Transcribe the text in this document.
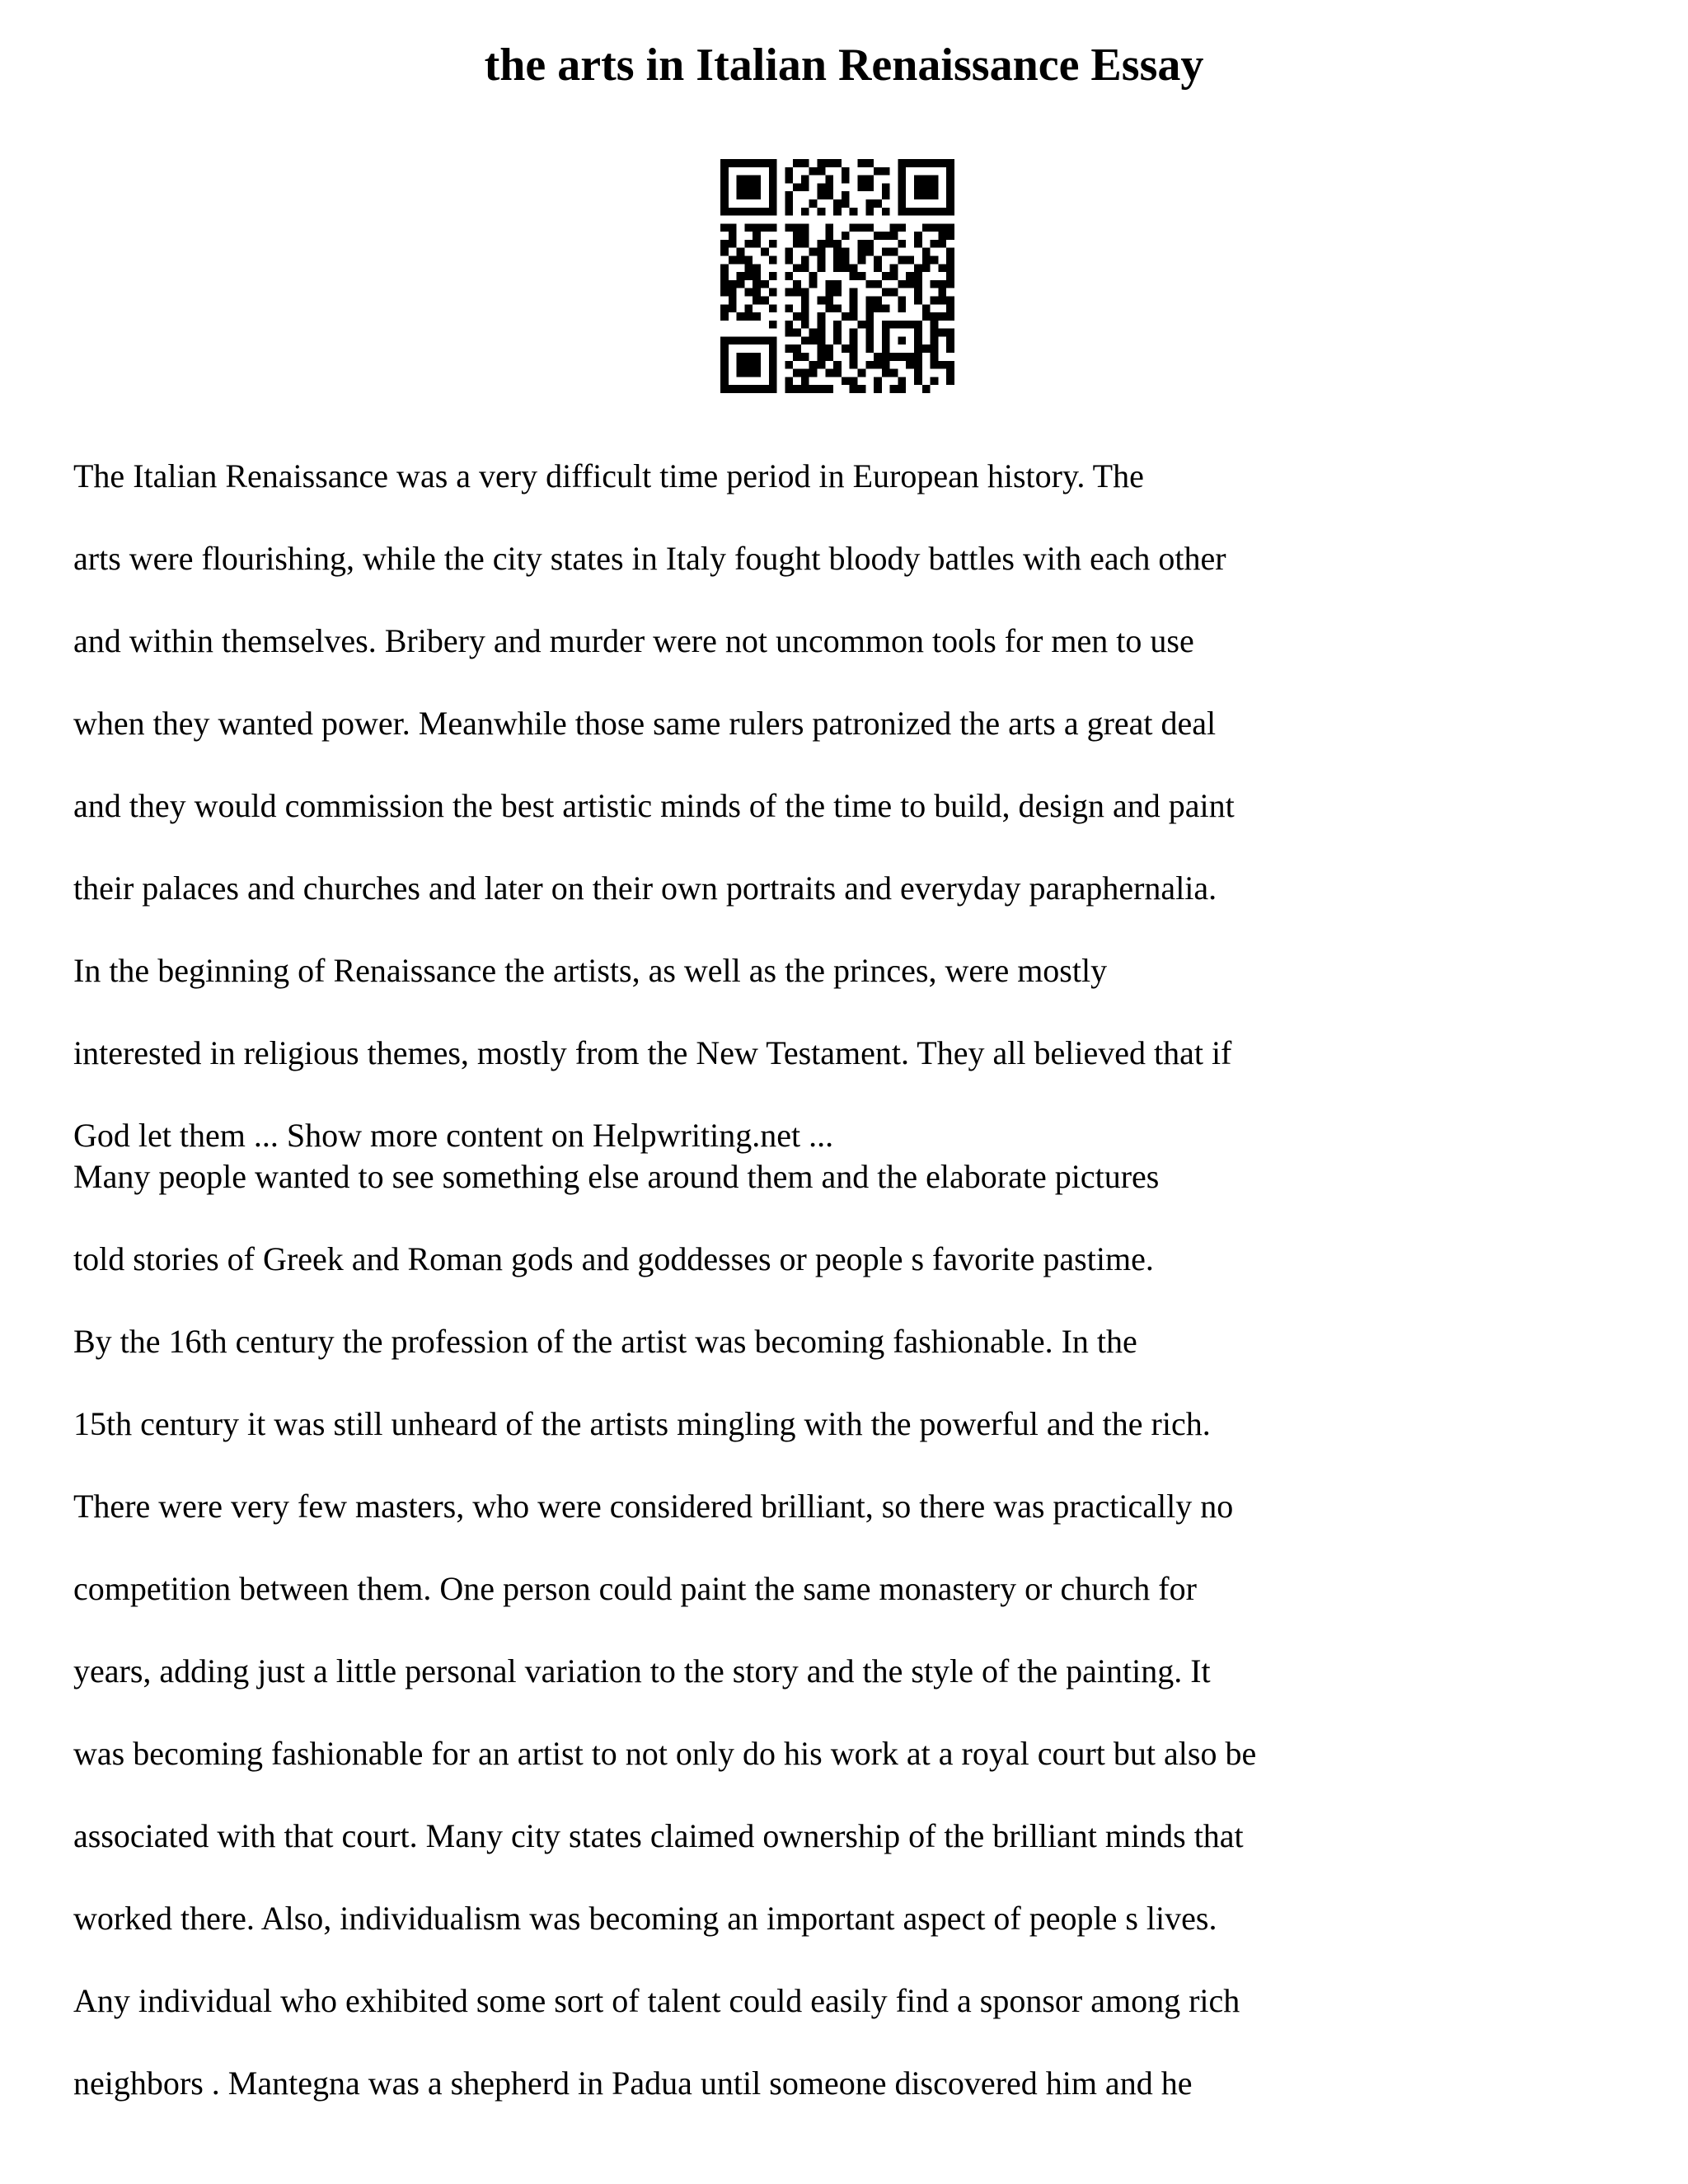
the arts in Italian Renaissance Essay
The Italian Renaissance was a very difficult time period in European history. The
arts were flourishing, while the city states in Italy fought bloody battles with each other
and within themselves. Bribery and murder were not uncommon tools for men to use
when they wanted power. Meanwhile those same rulers patronized the arts a great deal
and they would commission the best artistic minds of the time to build, design and paint
their palaces and churches and later on their own portraits and everyday paraphernalia.
In the beginning of Renaissance the artists, as well as the princes, were mostly
interested in religious themes, mostly from the New Testament. They all believed that if
God let them ... Show more content on Helpwriting.net ...
Many people wanted to see something else around them and the elaborate pictures
told stories of Greek and Roman gods and goddesses or people s favorite pastime.
By the 16th century the profession of the artist was becoming fashionable. In the
15th century it was still unheard of the artists mingling with the powerful and the rich.
There were very few masters, who were considered brilliant, so there was practically no
competition between them. One person could paint the same monastery or church for
years, adding just a little personal variation to the story and the style of the painting. It
was becoming fashionable for an artist to not only do his work at a royal court but also be
associated with that court. Many city states claimed ownership of the brilliant minds that
worked there. Also, individualism was becoming an important aspect of people s lives.
Any individual who exhibited some sort of talent could easily find a sponsor among rich
neighbors . Mantegna was a shepherd in Padua until someone discovered him and he
